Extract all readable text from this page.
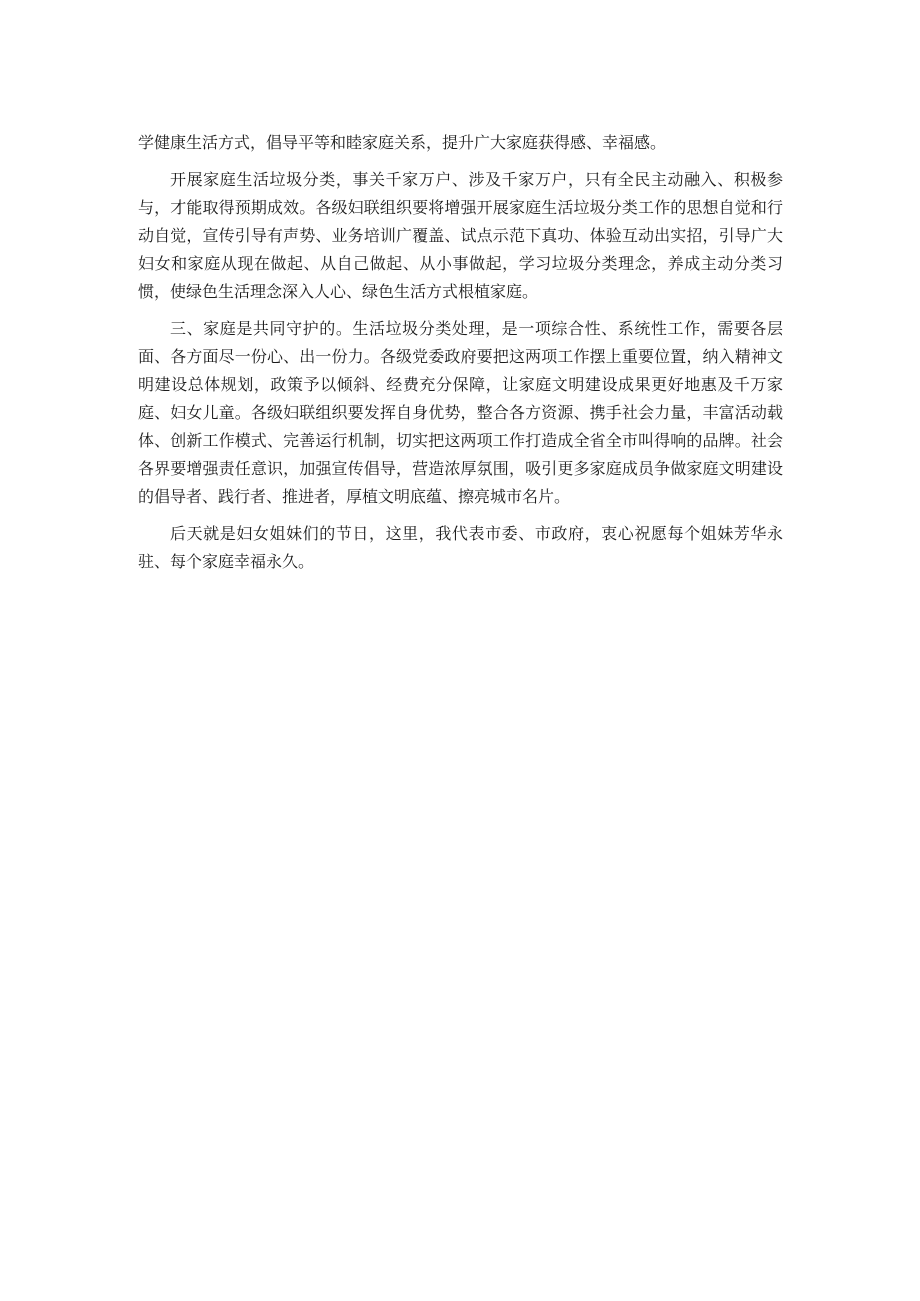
学健康生活方式，倡导平等和睦家庭关系，提升广大家庭获得感、幸福感。

开展家庭生活垃圾分类，事关千家万户、涉及千家万户，只有全民主动融入、积极参与，才能取得预期成效。各级妇联组织要将增强开展家庭生活垃圾分类工作的思想自觉和行动自觉，宣传引导有声势、业务培训广覆盖、试点示范下真功、体验互动出实招，引导广大妇女和家庭从现在做起、从自己做起、从小事做起，学习垃圾分类理念，养成主动分类习惯，使绿色生活理念深入人心、绿色生活方式根植家庭。

三、家庭是共同守护的。生活垃圾分类处理，是一项综合性、系统性工作，需要各层面、各方面尽一份心、出一份力。各级党委政府要把这两项工作摆上重要位置，纳入精神文明建设总体规划，政策予以倾斜、经费充分保障，让家庭文明建设成果更好地惠及千万家庭、妇女儿童。各级妇联组织要发挥自身优势，整合各方资源、携手社会力量，丰富活动载体、创新工作模式、完善运行机制，切实把这两项工作打造成全省全市叫得响的品牌。社会各界要增强责任意识，加强宣传倡导，营造浓厚氛围，吸引更多家庭成员争做家庭文明建设的倡导者、践行者、推进者，厚植文明底蕴、擦亮城市名片。

后天就是妇女姐妹们的节日，这里，我代表市委、市政府，衷心祝愿每个姐妹芳华永驻、每个家庭幸福永久。
